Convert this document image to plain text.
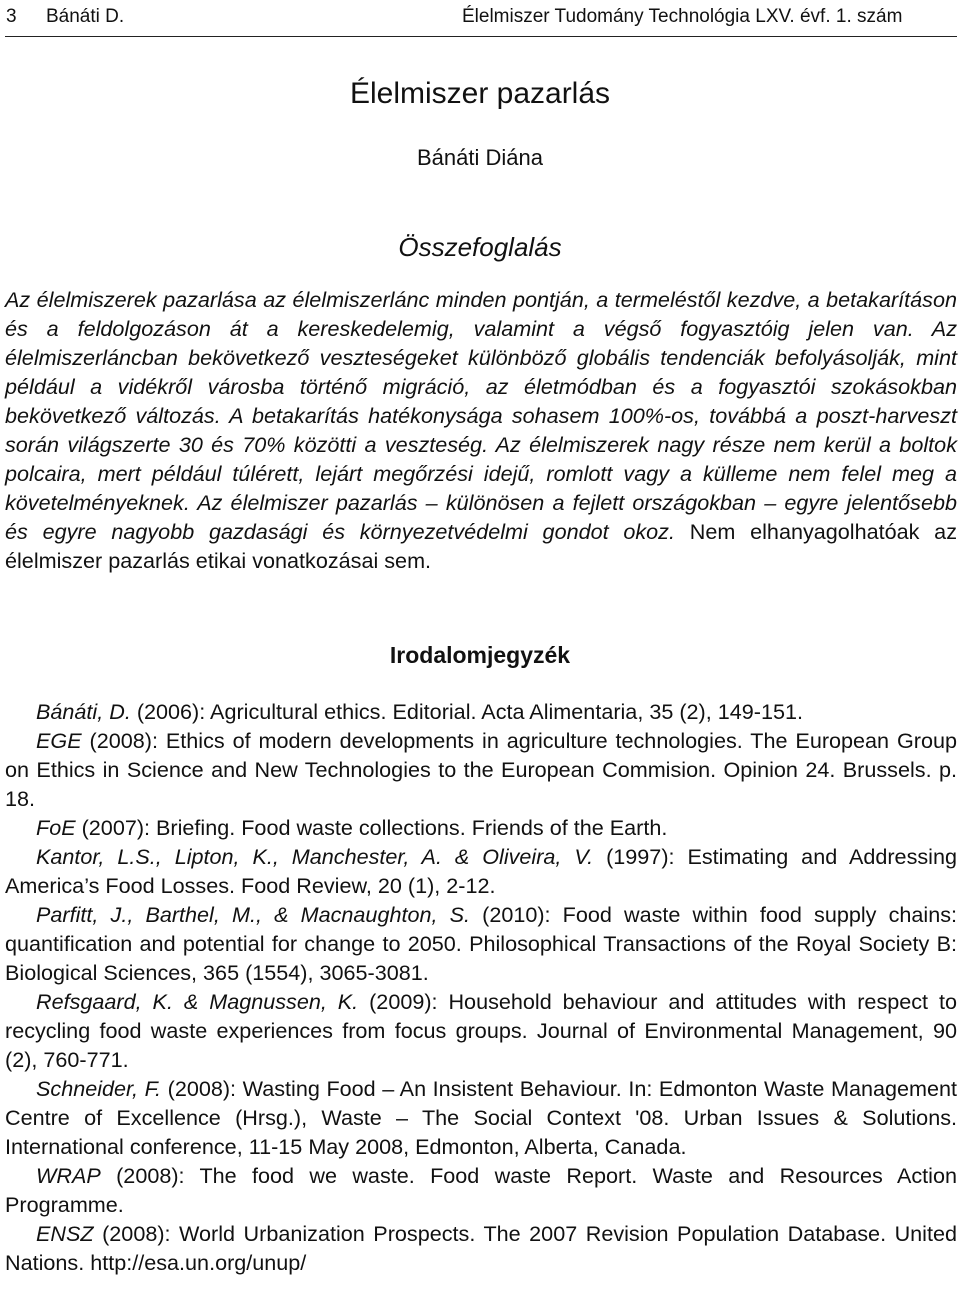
3 Bánáti D.	Élelmiszer Tudomány Technológia LXV. évf. 1. szám
Élelmiszer pazarlás
Bánáti Diána
Összefoglalás

Az élelmiszerek pazarlása az élelmiszerlánc minden pontján, a termeléstől kezdve, a betakarításon és a feldolgozáson át a kereskedelemig, valamint a végső fogyasztóig jelen van. Az élelmiszerláncban bekövetkező veszteségeket különböző globális tendenciák befolyásolják, mint például a vidékről városba történő migráció, az életmódban és a fogyasztói szokásokban bekövetkező változás. A betakarítás hatékonysága sohasem 100%-os, továbbá a poszt-harveszt során világszerte 30 és 70% közötti a veszteség. Az élelmiszerek nagy része nem kerül a boltok polcaira, mert például túlérett, lejárt megőrzési idejű, romlott vagy a külleme nem felel meg a követelményeknek. Az élelmiszer pazarlás – különösen a fejlett országokban – egyre jelentősebb és egyre nagyobb gazdasági és környezetvédelmi gondot okoz. Nem elhanyagolhatóak az élelmiszer pazarlás etikai vonatkozásai sem.

Irodalomjegyzék
Bánáti, D. (2006): Agricultural ethics. Editorial. Acta Alimentaria, 35 (2), 149-151.
EGE (2008): Ethics of modern developments in agriculture technologies. The European Group on Ethics in Science and New Technologies to the European Commision. Opinion 24. Brussels. p. 18.
FoE (2007): Briefing. Food waste collections. Friends of the Earth.
Kantor, L.S., Lipton, K., Manchester, A. & Oliveira, V. (1997): Estimating and Addressing America’s Food Losses. Food Review, 20 (1), 2-12.
Parfitt, J., Barthel, M., & Macnaughton, S. (2010): Food waste within food supply chains: quantification and potential for change to 2050. Philosophical Transactions of the Royal Society B: Biological Sciences, 365 (1554), 3065-3081.
Refsgaard, K. & Magnussen, K. (2009): Household behaviour and attitudes with respect to recycling food waste experiences from focus groups. Journal of Environmental Management, 90 (2), 760-771.
Schneider, F. (2008): Wasting Food – An Insistent Behaviour. In: Edmonton Waste Management Centre of Excellence (Hrsg.), Waste – The Social Context '08. Urban Issues & Solutions. International conference, 11-15 May 2008, Edmonton, Alberta, Canada.
WRAP (2008): The food we waste. Food waste Report. Waste and Resources Action Programme.
ENSZ (2008): World Urbanization Prospects. The 2007 Revision Population Database. United Nations. http://esa.un.org/unup/
